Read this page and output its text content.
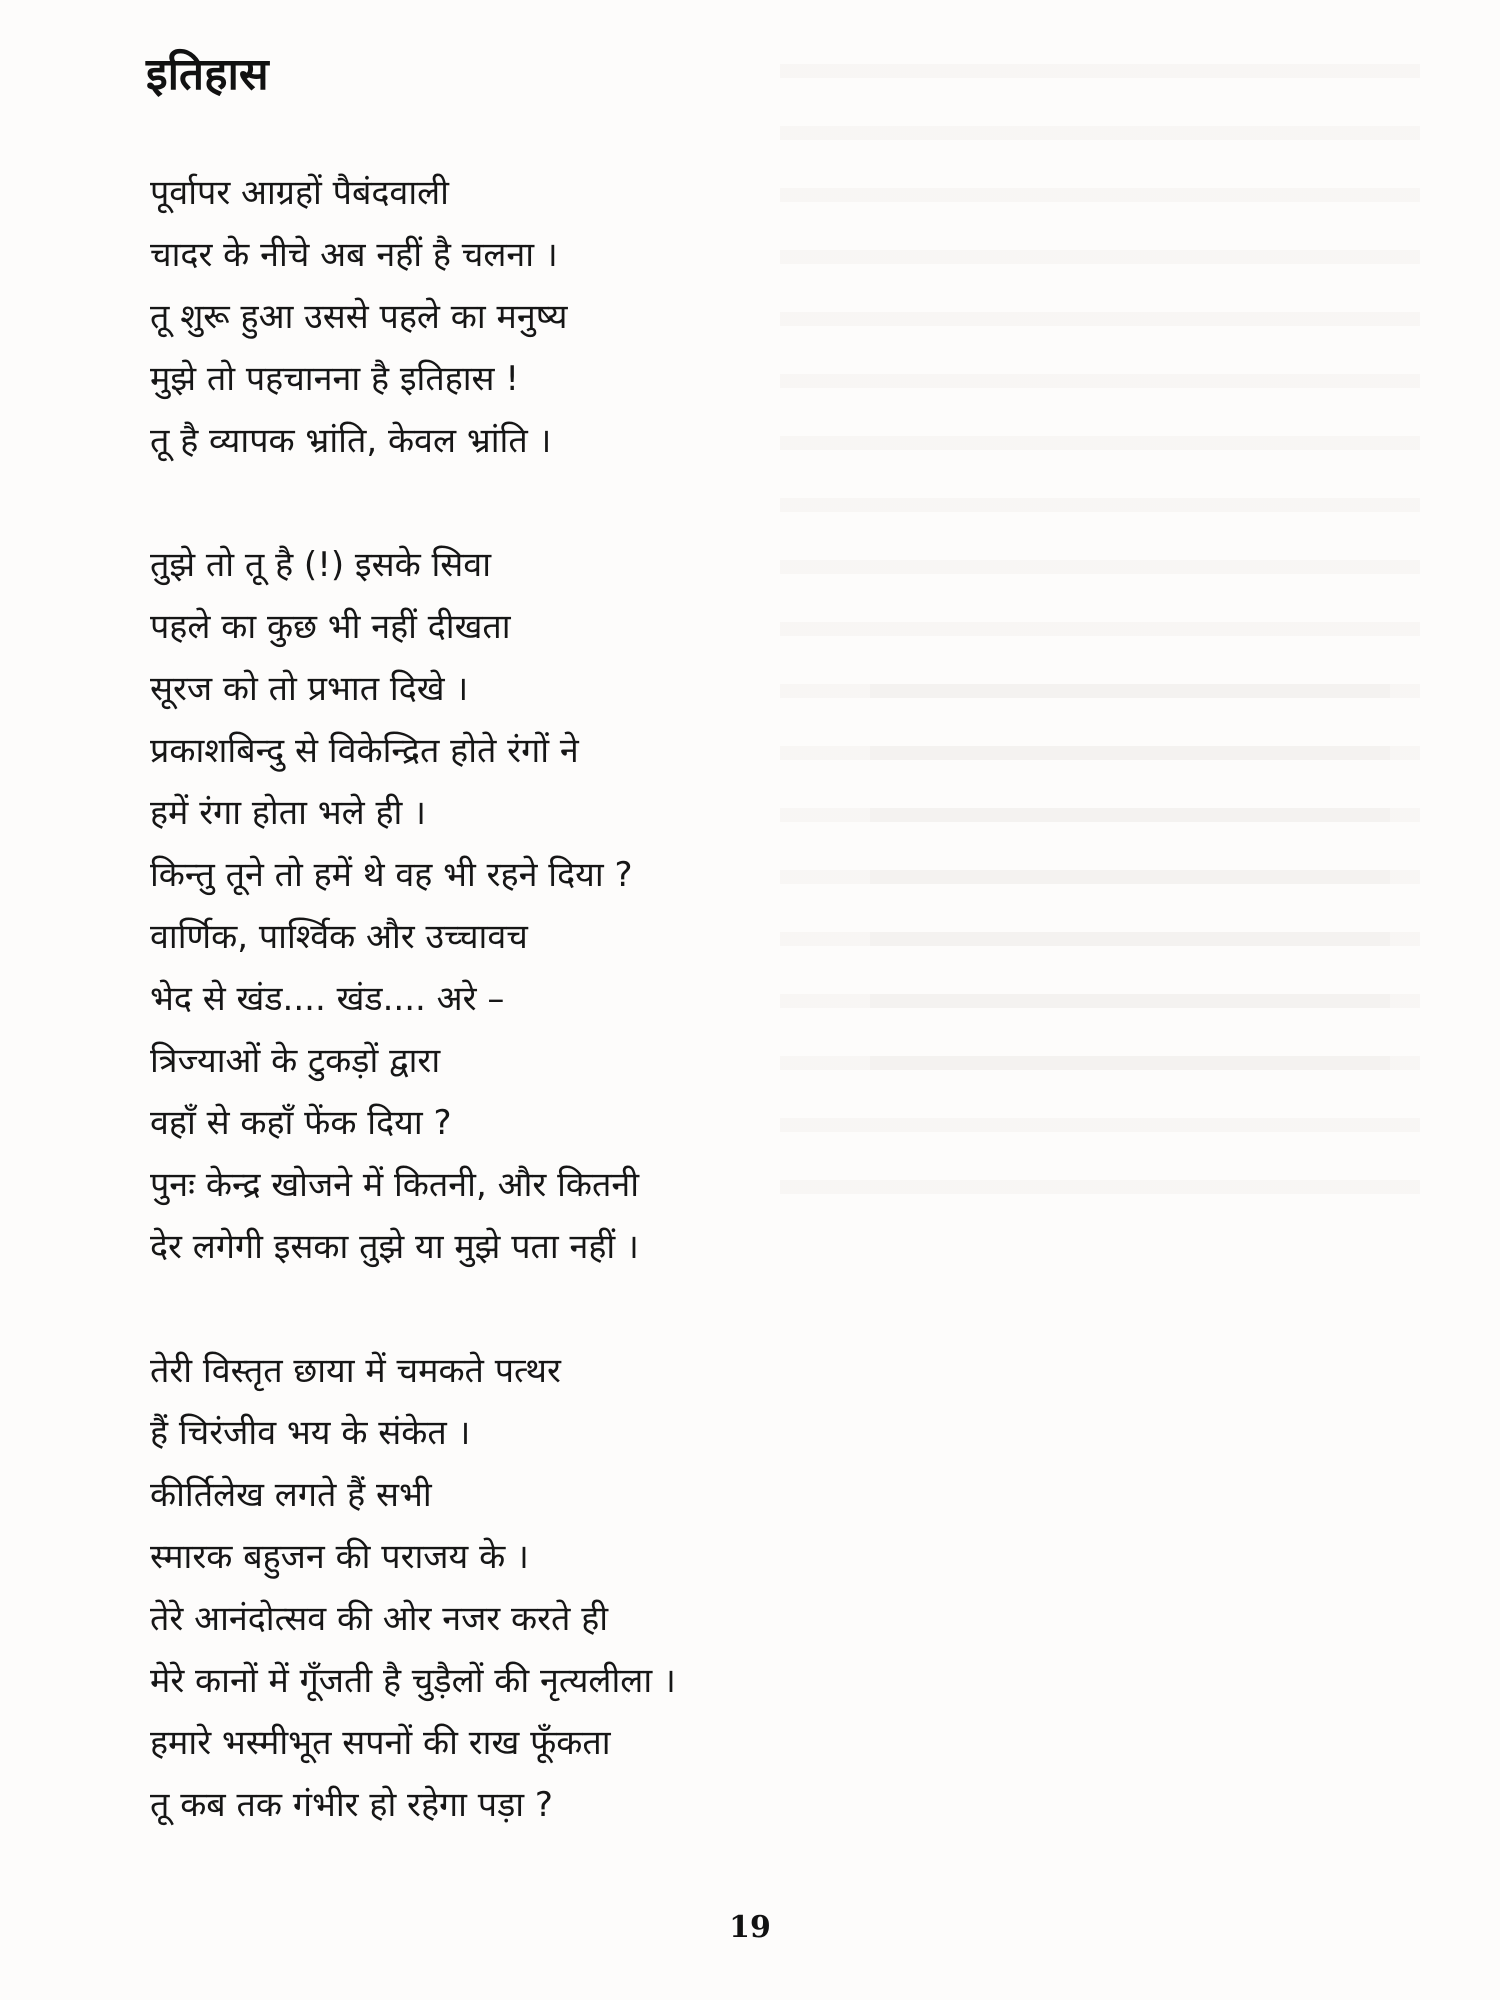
इतिहास
पूर्वापर आग्रहों पैबंदवाली
चादर के नीचे अब नहीं है चलना ।
तू शुरू हुआ उससे पहले का मनुष्य
मुझे तो पहचानना है इतिहास !
तू है व्यापक भ्रांति, केवल भ्रांति ।
तुझे तो तू है (!) इसके सिवा
पहले का कुछ भी नहीं दीखता
सूरज को तो प्रभात दिखे ।
प्रकाशबिन्दु से विकेन्द्रित होते रंगों ने
हमें रंगा होता भले ही ।
किन्तु तूने तो हमें थे वह भी रहने दिया ?
वार्णिक, पार्श्विक और उच्चावच
भेद से खंड.... खंड.... अरे –
त्रिज्याओं के टुकड़ों द्वारा
वहाँ से कहाँ फेंक दिया ?
पुनः केन्द्र खोजने में कितनी, और कितनी
देर लगेगी इसका तुझे या मुझे पता नहीं ।
तेरी विस्तृत छाया में चमकते पत्थर
हैं चिरंजीव भय के संकेत ।
कीर्तिलेख लगते हैं सभी
स्मारक बहुजन की पराजय के ।
तेरे आनंदोत्सव की ओर नजर करते ही
मेरे कानों में गूँजती है चुड़ैलों की नृत्यलीला ।
हमारे भस्मीभूत सपनों की राख फूँकता
तू कब तक गंभीर हो रहेगा पड़ा ?
19
